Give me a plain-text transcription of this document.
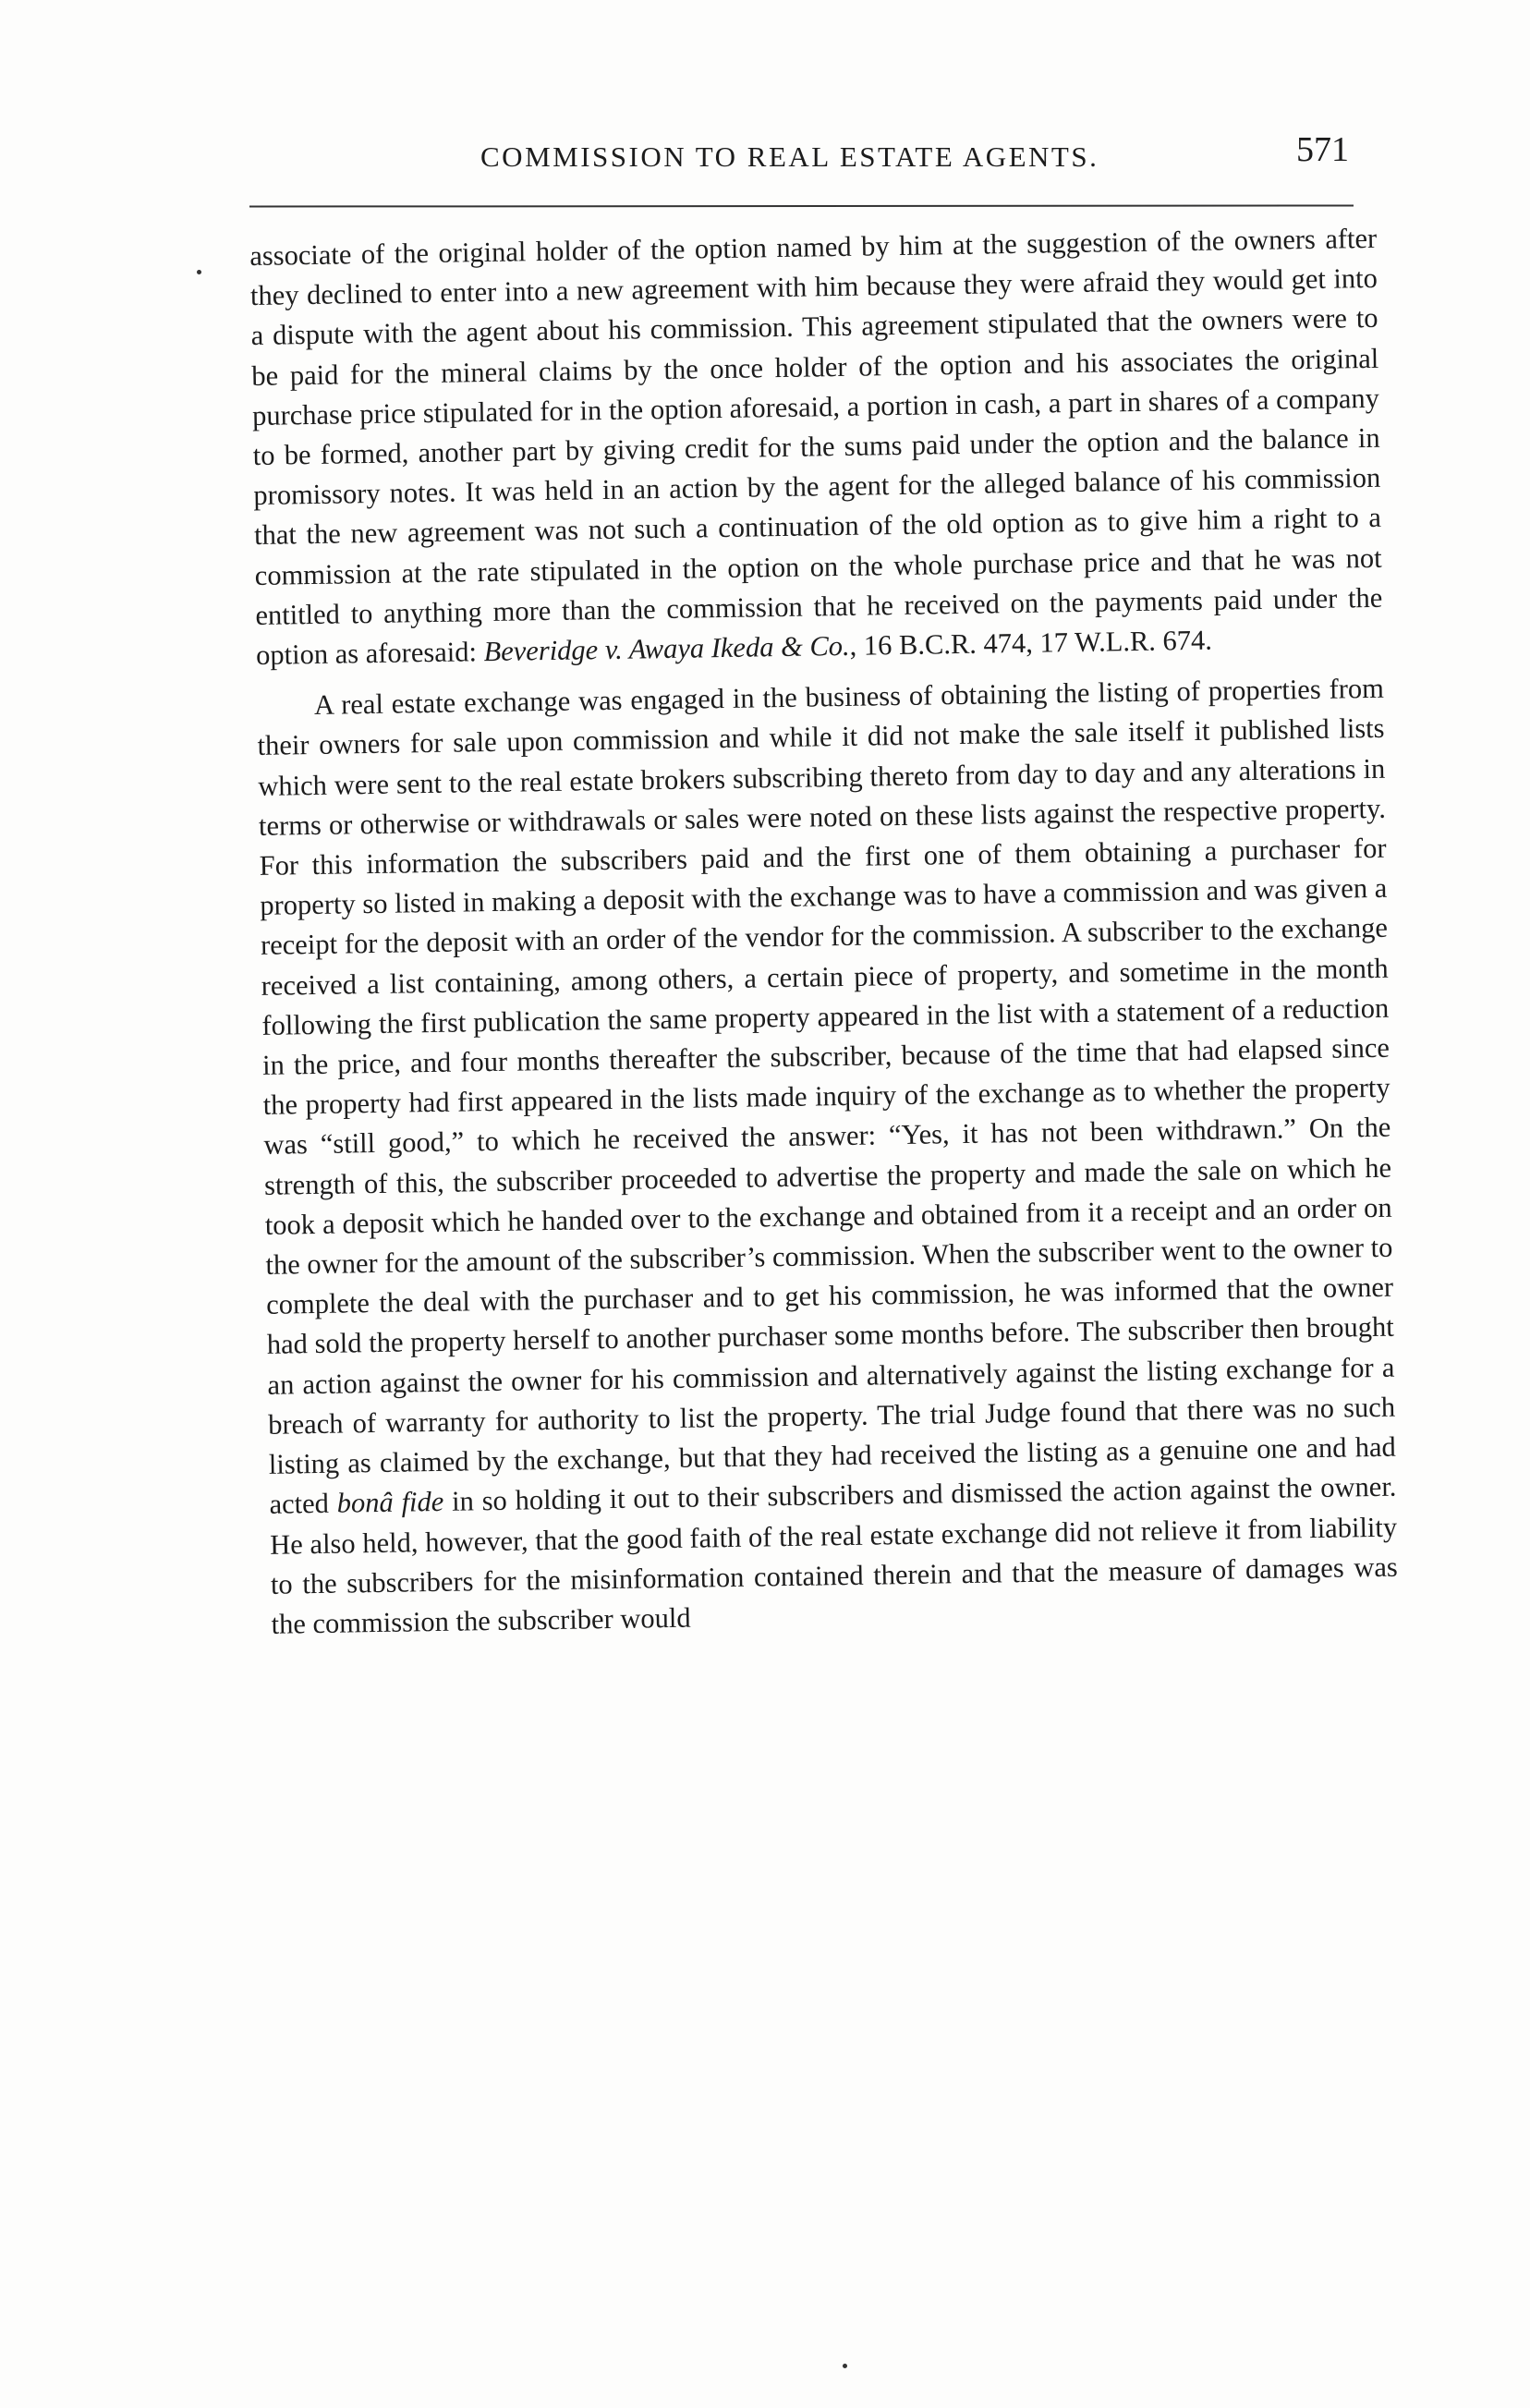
COMMISSION TO REAL ESTATE AGENTS.	571

associate of the original holder of the option named by him at the suggestion of the owners after they declined to enter into a new agreement with him because they were afraid they would get into a dispute with the agent about his commission. This agreement stipulated that the owners were to be paid for the mineral claims by the once holder of the option and his associates the original purchase price stipulated for in the option aforesaid, a portion in cash, a part in shares of a company to be formed, another part by giving credit for the sums paid under the option and the balance in promissory notes. It was held in an action by the agent for the alleged balance of his commission that the new agreement was not such a continuation of the old option as to give him a right to a commission at the rate stipulated in the option on the whole purchase price and that he was not entitled to anything more than the commission that he received on the payments paid under the option as aforesaid: Beveridge v. Awaya Ikeda & Co., 16 B.C.R. 474, 17 W.L.R. 674.

A real estate exchange was engaged in the business of obtaining the listing of properties from their owners for sale upon commission and while it did not make the sale itself it published lists which were sent to the real estate brokers subscribing thereto from day to day and any alterations in terms or otherwise or withdrawals or sales were noted on these lists against the respective property. For this information the subscribers paid and the first one of them obtaining a purchaser for property so listed in making a deposit with the exchange was to have a commission and was given a receipt for the deposit with an order of the vendor for the commission. A subscriber to the exchange received a list containing, among others, a certain piece of property, and sometime in the month following the first publication the same property appeared in the list with a statement of a reduction in the price, and four months thereafter the subscriber, because of the time that had elapsed since the property had first appeared in the lists made inquiry of the exchange as to whether the property was “still good,” to which he received the answer: “Yes, it has not been withdrawn.” On the strength of this, the subscriber proceeded to advertise the property and made the sale on which he took a deposit which he handed over to the exchange and obtained from it a receipt and an order on the owner for the amount of the subscriber’s commission. When the subscriber went to the owner to complete the deal with the purchaser and to get his commission, he was informed that the owner had sold the property herself to another purchaser some months before. The subscriber then brought an action against the owner for his commission and alternatively against the listing exchange for a breach of warranty for authority to list the property. The trial Judge found that there was no such listing as claimed by the exchange, but that they had received the listing as a genuine one and had acted bonâ fide in so holding it out to their subscribers and dismissed the action against the owner. He also held, however, that the good faith of the real estate exchange did not relieve it from liability to the subscribers for the misinformation contained therein and that the measure of damages was the commission the subscriber would
